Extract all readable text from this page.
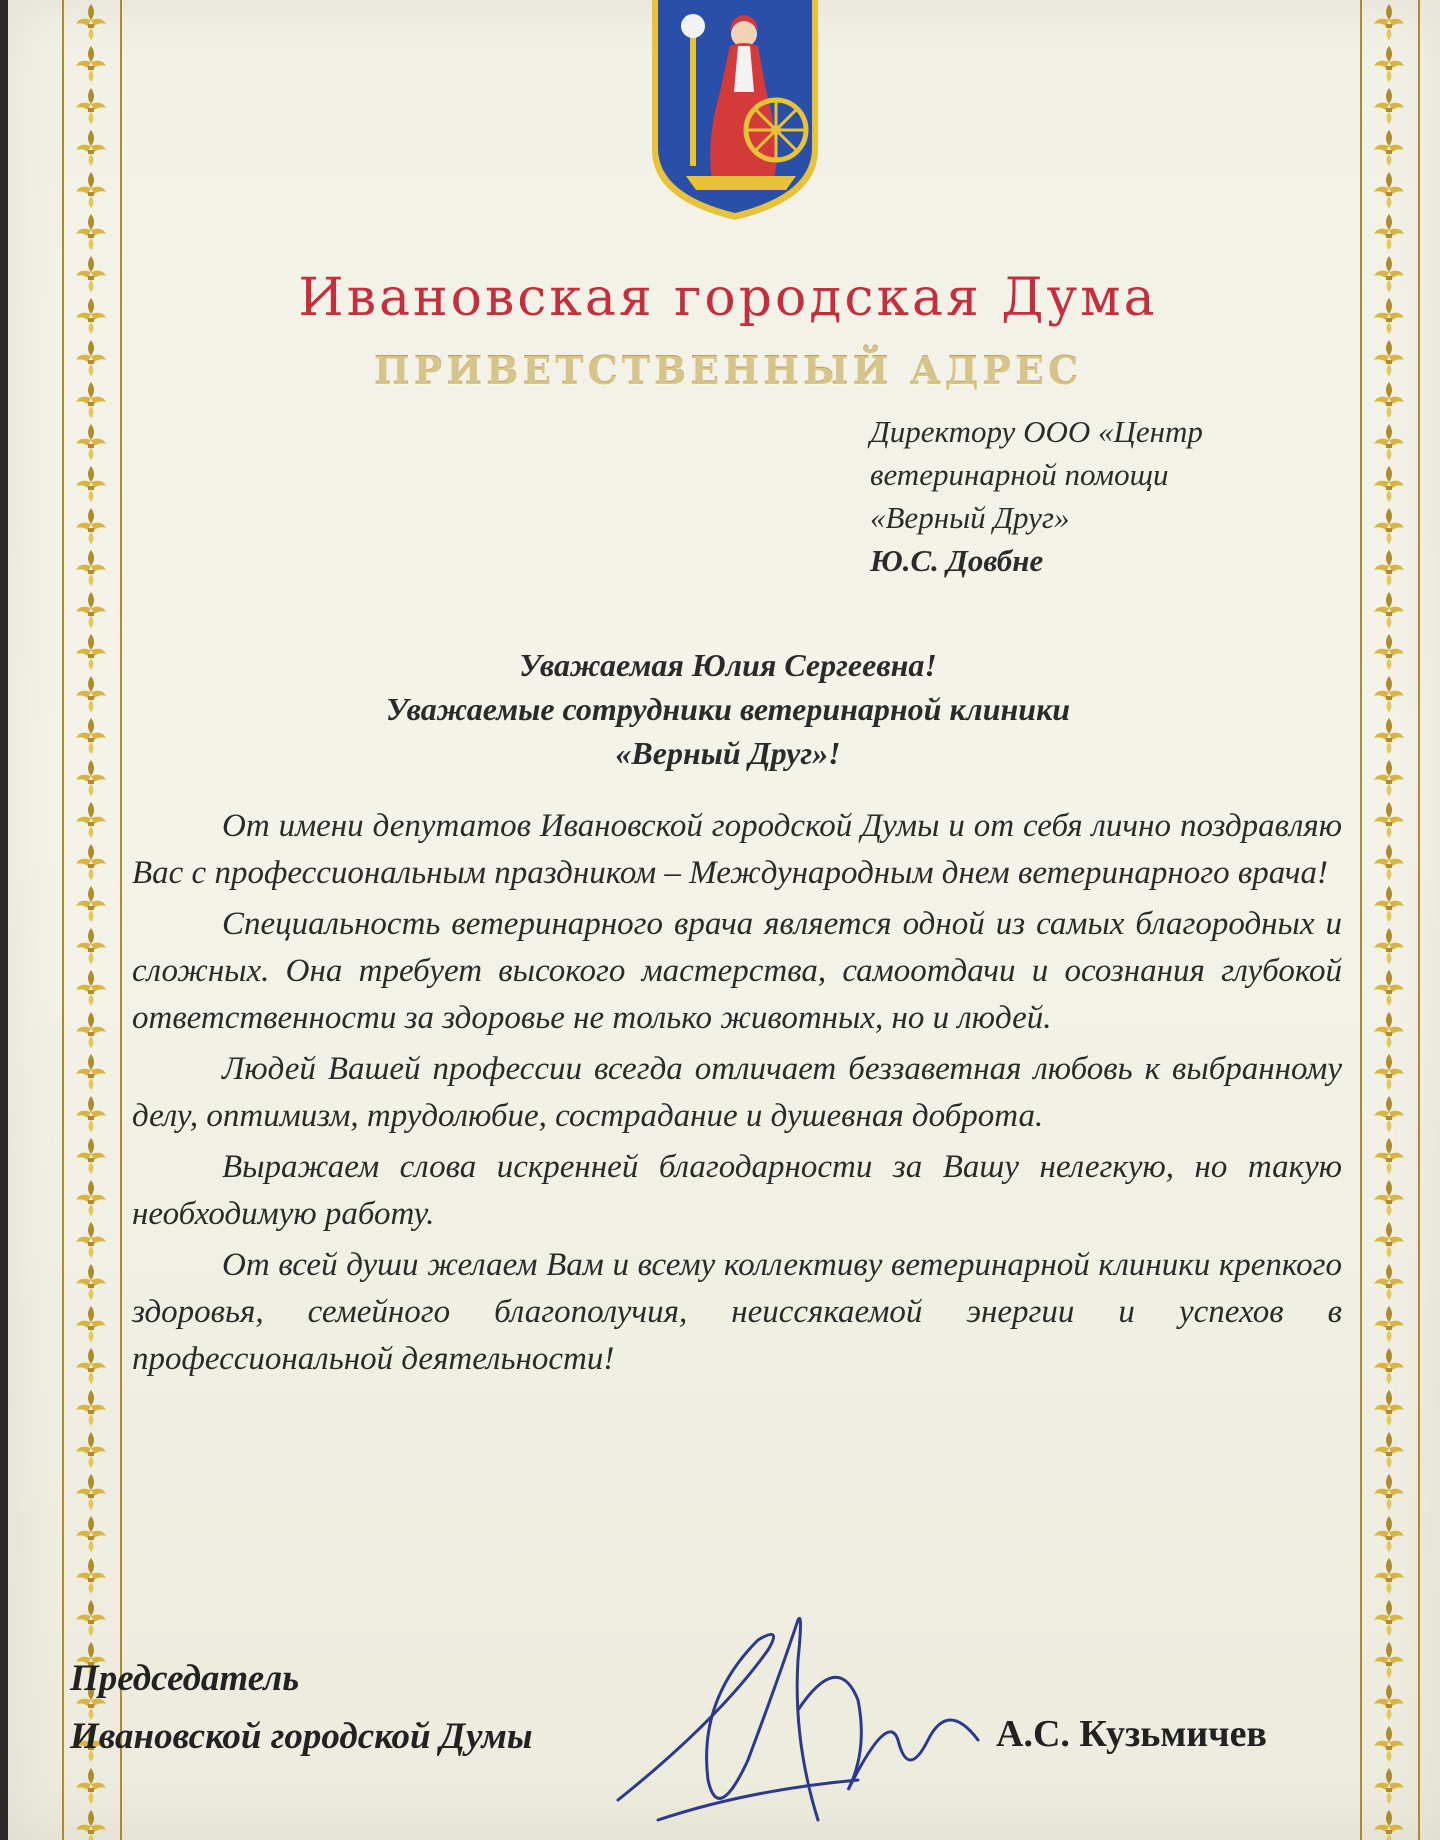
Ивановская городская Дума
ПРИВЕТСТВЕННЫЙ АДРЕС
Директору ООО «Центр
ветеринарной помощи
«Верный Друг»
Ю.С. Довбне
Уважаемая Юлия Сергеевна!
Уважаемые сотрудники ветеринарной клиники
«Верный Друг»!

От имени депутатов Ивановской городской Думы и от себя лично поздравляю Вас с профессиональным праздником – Международным днем ветеринарного врача!

Специальность ветеринарного врача является одной из самых благородных и сложных. Она требует высокого мастерства, самоотдачи и осознания глубокой ответственности за здоровье не только животных, но и людей.

Людей Вашей профессии всегда отличает беззаветная любовь к выбранному делу, оптимизм, трудолюбие, сострадание и душевная доброта.

Выражаем слова искренней благодарности за Вашу нелегкую, но такую необходимую работу.

От всей души желаем Вам и всему коллективу ветеринарной клиники крепкого здоровья, семейного благополучия, неиссякаемой энергии и успехов в профессиональной деятельности!

Председатель
Ивановской городской Думы	А.С. Кузьмичев
